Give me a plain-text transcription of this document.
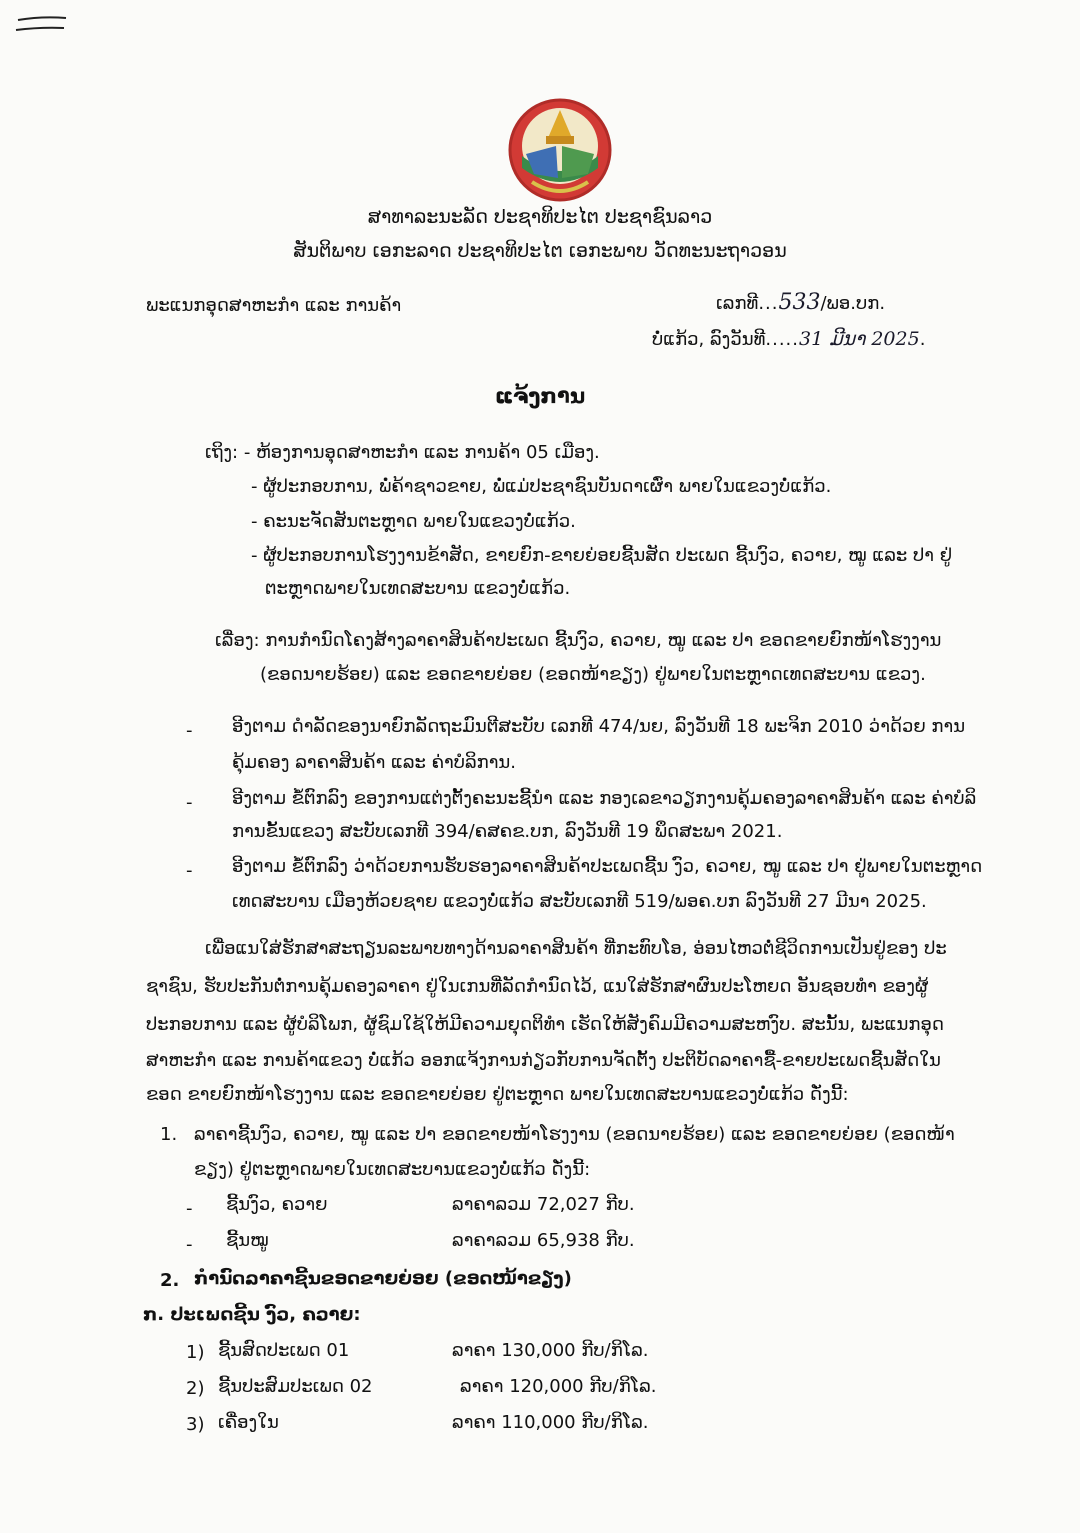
ສາທາລະນະລັດ ປະຊາທິປະໄຕ ປະຊາຊົນລາວ
ສັນຕິພາບ ເອກະລາດ ປະຊາທິປະໄຕ ເອກະພາບ ວັດທະນະຖາວອນ
ພະແນກອຸດສາຫະກຳ ແລະ ການຄ້າ	ເລກທີ...533/ພອ.ບກ.
ບໍ່ແກ້ວ, ລົງວັນທີ.....31 ມີນາ 2025.
ແຈ້ງການ
ເຖິງ: - ຫ້ອງການອຸດສາຫະກຳ ແລະ ການຄ້າ 05 ເມືອງ.
- ຜູ້ປະກອບການ, ພໍ່ຄ້າຊາວຂາຍ, ພໍ່ແມ່ປະຊາຊົນບັນດາເຜົ່າ ພາຍໃນແຂວງບໍ່ແກ້ວ.
- ຄະນະຈັດສັນຕະຫຼາດ ພາຍໃນແຂວງບໍ່ແກ້ວ.
- ຜູ້ປະກອບການໂຮງງານຂ້າສັດ, ຂາຍຍົກ-ຂາຍຍ່ອຍຊີ້ນສັດ ປະເພດ ຊີ້ນງົວ, ຄວາຍ, ໝູ ແລະ ປາ ຢູ່
ຕະຫຼາດພາຍໃນເທດສະບານ ແຂວງບໍ່ແກ້ວ.
ເລື່ອງ: ການກຳນົດໂຄງສ້າງລາຄາສິນຄ້າປະເພດ ຊີ້ນງົວ, ຄວາຍ, ໝູ ແລະ ປາ ຂອດຂາຍຍົກໜ້າໂຮງງານ
(ຂອດນາຍຮ້ອຍ) ແລະ ຂອດຂາຍຍ່ອຍ (ຂອດໜ້າຂຽງ) ຢູ່ພາຍໃນຕະຫຼາດເທດສະບານ ແຂວງ.
- ອີງຕາມ ດຳລັດຂອງນາຍົກລັດຖະມົນຕີສະບັບ ເລກທີ 474/ນຍ, ລົງວັນທີ 18 ພະຈິກ 2010 ວ່າດ້ວຍ ການ
ຄຸ້ມຄອງ ລາຄາສິນຄ້າ ແລະ ຄ່າບໍລິການ.
- ອີງຕາມ ຂໍ້ຕົກລົງ ຂອງການແຕ່ງຕັ້ງຄະນະຊີ້ນຳ ແລະ ກອງເລຂາວຽກງານຄຸ້ມຄອງລາຄາສິນຄ້າ ແລະ ຄ່າບໍລິ
ການຂັ້ນແຂວງ ສະບັບເລກທີ 394/ຄສຄຂ.ບກ, ລົງວັນທີ 19 ພຶດສະພາ 2021.
- ອີງຕາມ ຂໍ້ຕົກລົງ ວ່າດ້ວຍການຮັບຮອງລາຄາສິນຄ້າປະເພດຊີ້ນ ງົວ, ຄວາຍ, ໝູ ແລະ ປາ ຢູ່ພາຍໃນຕະຫຼາດ
ເທດສະບານ ເມືອງຫ້ວຍຊາຍ ແຂວງບໍ່ແກ້ວ ສະບັບເລກທີ 519/ພອຄ.ບກ ລົງວັນທີ 27 ມີນາ 2025.
ເພື່ອແນໃສ່ຮັກສາສະຖຽນລະພາບທາງດ້ານລາຄາສິນຄ້າ ທີ່ກະທົບໂອ, ອ່ອນໄຫວຕໍ່ຊີວິດການເປັນຢູ່ຂອງ ປະ
ຊາຊົນ, ຮັບປະກັນຕໍ່ການຄຸ້ມຄອງລາຄາ ຢູ່ໃນເກນທີ່ລັດກຳນົດໄວ້, ແນໃສ່ຮັກສາຜົນປະໂຫຍດ ອັນຊອບທຳ ຂອງຜູ້
ປະກອບການ ແລະ ຜູ້ບໍລິໂພກ, ຜູ້ຊົມໃຊ້ໃຫ້ມີຄວາມຍຸດຕິທຳ ເຮັດໃຫ້ສັງຄົມມີຄວາມສະຫງົບ. ສະນັ້ນ, ພະແນກອຸດ
ສາຫະກຳ ແລະ ການຄ້າແຂວງ ບໍ່ແກ້ວ ອອກແຈ້ງການກ່ຽວກັບການຈັດຕັ້ງ ປະຕິບັດລາຄາຊື້-ຂາຍປະເພດຊີ້ນສັດໃນ
ຂອດ ຂາຍຍົກໜ້າໂຮງງານ ແລະ ຂອດຂາຍຍ່ອຍ ຢູ່ຕະຫຼາດ ພາຍໃນເທດສະບານແຂວງບໍ່ແກ້ວ ດັ່ງນີ້:
1. ລາຄາຊີ້ນງົວ, ຄວາຍ, ໝູ ແລະ ປາ ຂອດຂາຍໜ້າໂຮງງານ (ຂອດນາຍຮ້ອຍ) ແລະ ຂອດຂາຍຍ່ອຍ (ຂອດໜ້າ
ຂຽງ) ຢູ່ຕະຫຼາດພາຍໃນເທດສະບານແຂວງບໍ່ແກ້ວ ດັ່ງນີ້:
- ຊີ້ນງົວ, ຄວາຍ	ລາຄາລວມ 72,027 ກີບ.
- ຊີ້ນໝູ	ລາຄາລວມ 65,938 ກີບ.
2. ກຳນົດລາຄາຊີ້ນຂອດຂາຍຍ່ອຍ (ຂອດໜ້າຂຽງ)
ກ. ປະເພດຊີ້ນ ງົວ, ຄວາຍ:
1) ຊີ້ນສົດປະເພດ 01	ລາຄາ 130,000 ກີບ/ກິໂລ.
2) ຊີ້ນປະສົມປະເພດ 02	ລາຄາ 120,000 ກີບ/ກິໂລ.
3) ເຄື່ອງໃນ	ລາຄາ 110,000 ກີບ/ກິໂລ.
